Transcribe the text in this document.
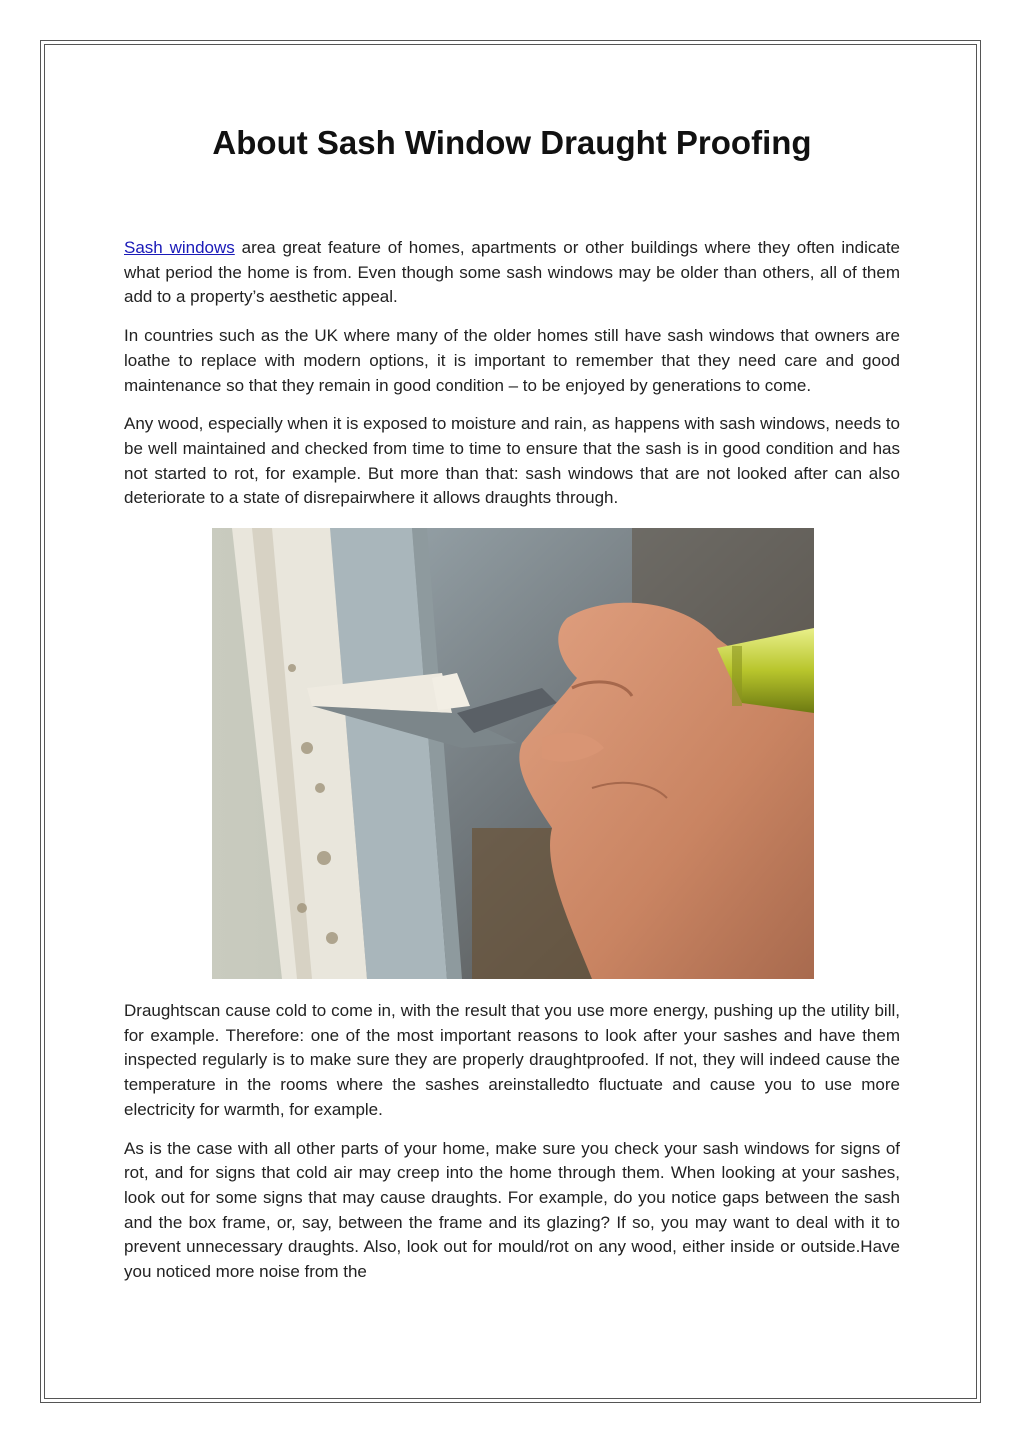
About Sash Window Draught Proofing

Sash windows area great feature of homes, apartments or other buildings where they often indicate what period the home is from. Even though some sash windows may be older than others, all of them add to a property’s aesthetic appeal.

In countries such as the UK where many of the older homes still have sash windows that owners are loathe to replace with modern options, it is important to remember that they need care and good maintenance so that they remain in good condition – to be enjoyed by generations to come.

Any wood, especially when it is exposed to moisture and rain, as happens with sash windows, needs to be well maintained and checked from time to time to ensure that the sash is in good condition and has not started to rot, for example. But more than that: sash windows that are not looked after can also deteriorate to a state of disrepairwhere it allows draughts through.

Draughtscan cause cold to come in, with the result that you use more energy, pushing up the utility bill, for example. Therefore: one of the most important reasons to look after your sashes and have them inspected regularly is to make sure they are properly draughtproofed. If not, they will indeed cause the temperature in the rooms where the sashes areinstalledto fluctuate and cause you to use more electricity for warmth, for example.

As is the case with all other parts of your home, make sure you check your sash windows for signs of rot, and for signs that cold air may creep into the home through them. When looking at your sashes, look out for some signs that may cause draughts. For example, do you notice gaps between the sash and the box frame, or, say, between the frame and its glazing? If so, you may want to deal with it to prevent unnecessary draughts. Also, look out for mould/rot on any wood, either inside or outside.Have you noticed more noise from the
